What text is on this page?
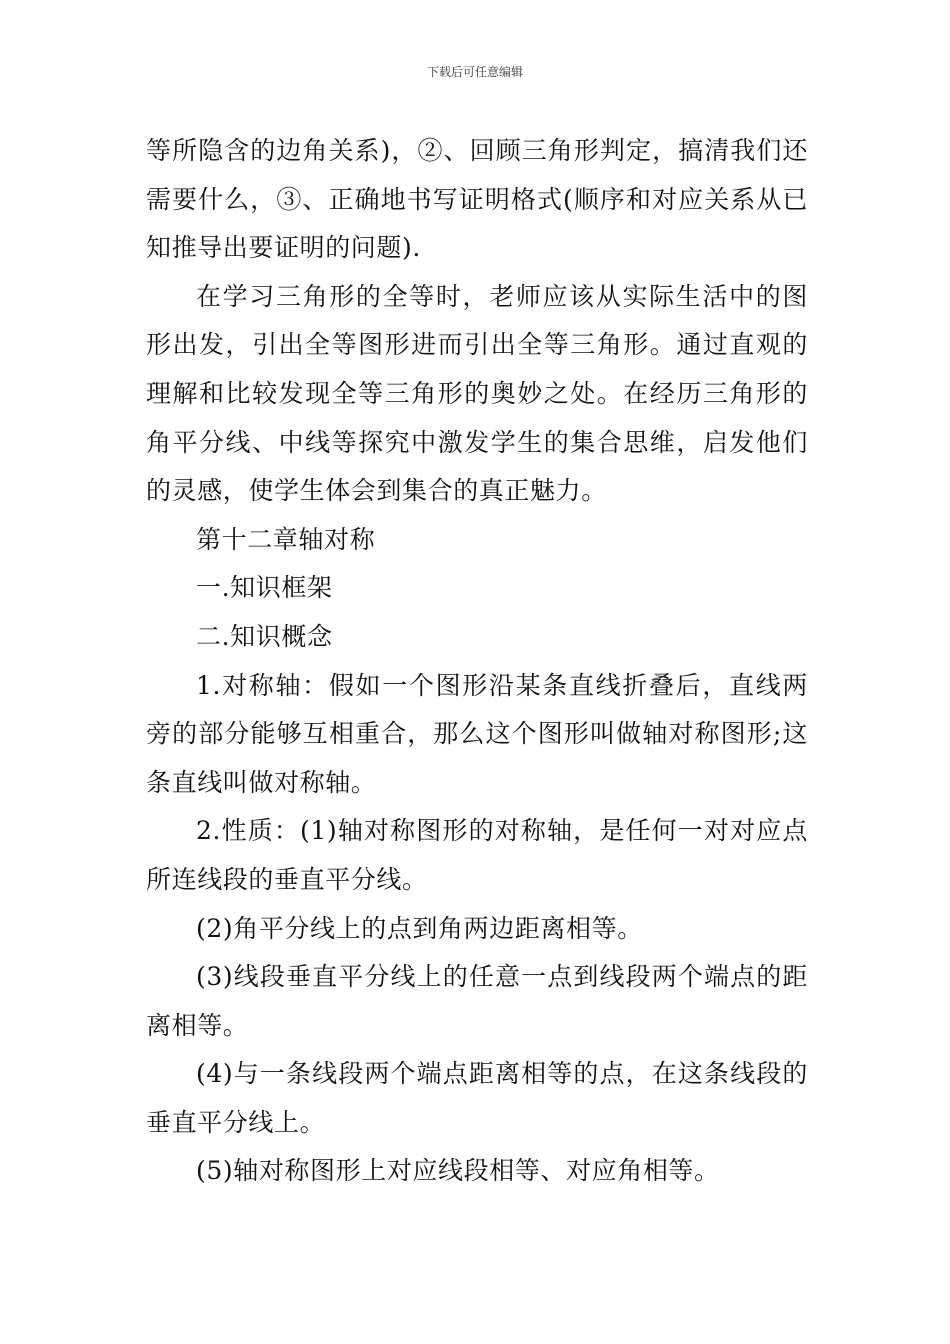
下载后可任意编辑

等所隐含的边角关系)，②、回顾三角形判定，搞清我们还需要什么，③、正确地书写证明格式(顺序和对应关系从已知推导出要证明的问题).

在学习三角形的全等时，老师应该从实际生活中的图形出发，引出全等图形进而引出全等三角形。通过直观的理解和比较发现全等三角形的奥妙之处。在经历三角形的角平分线、中线等探究中激发学生的集合思维，启发他们的灵感，使学生体会到集合的真正魅力。

第十二章轴对称

一.知识框架

二.知识概念

1.对称轴：假如一个图形沿某条直线折叠后，直线两旁的部分能够互相重合，那么这个图形叫做轴对称图形;这条直线叫做对称轴。

2.性质：(1)轴对称图形的对称轴，是任何一对对应点所连线段的垂直平分线。

(2)角平分线上的点到角两边距离相等。

(3)线段垂直平分线上的任意一点到线段两个端点的距离相等。

(4)与一条线段两个端点距离相等的点，在这条线段的垂直平分线上。

(5)轴对称图形上对应线段相等、对应角相等。
